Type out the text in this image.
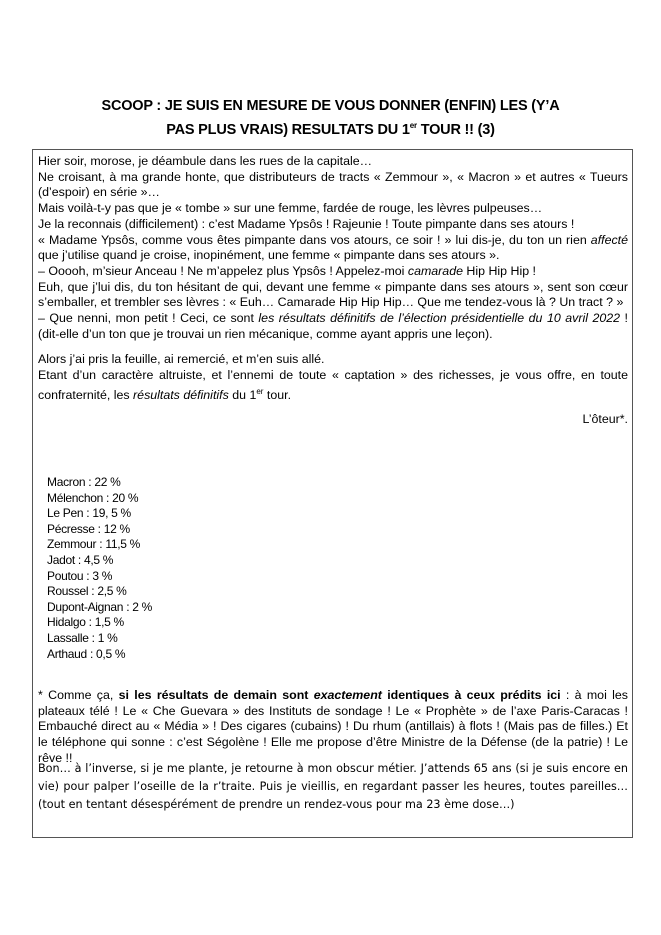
SCOOP : JE SUIS EN MESURE DE VOUS DONNER (ENFIN) LES (Y’A
PAS PLUS VRAIS) RESULTATS DU 1er TOUR !! (3)

Hier soir, morose, je déambule dans les rues de la capitale…

Ne croisant, à ma grande honte, que distributeurs de tracts « Zemmour », « Macron » et autres « Tueurs (d’espoir) en série »…

Mais voilà-t-y pas que je « tombe » sur une femme, fardée de rouge, les lèvres pulpeuses…

Je la reconnais (difficilement) : c’est Madame Ypsôs ! Rajeunie ! Toute pimpante dans ses atours !

« Madame Ypsôs, comme vous êtes pimpante dans vos atours, ce soir ! » lui dis-je, du ton un rien affecté que j’utilise quand je croise, inopinément, une femme « pimpante dans ses atours ».

– Ooooh, m’sieur Anceau ! Ne m’appelez plus Ypsôs ! Appelez-moi camarade Hip Hip Hip !

Euh, que j’lui dis, du ton hésitant de qui, devant une femme « pimpante dans ses atours », sent son cœur s’emballer, et trembler ses lèvres : « Euh… Camarade Hip Hip Hip… Que me tendez-vous là ? Un tract ? »

– Que nenni, mon petit ! Ceci, ce sont les résultats définitifs de l’élection présidentielle du 10 avril 2022 ! (dit-elle d’un ton que je trouvai un rien mécanique, comme ayant appris une leçon).

Alors j’ai pris la feuille, ai remercié, et m’en suis allé.

Etant d’un caractère altruiste, et l’ennemi de toute « captation » des richesses, je vous offre, en toute confraternité, les résultats définitifs du 1er tour.

L’ôteur*.

Macron : 22 %
Mélenchon : 20 %
Le Pen : 19, 5 %
Pécresse : 12 %
Zemmour : 11,5 %
Jadot : 4,5 %
Poutou : 3 %
Roussel : 2,5 %
Dupont-Aignan : 2 %
Hidalgo : 1,5 %
Lassalle : 1 %
Arthaud : 0,5 %
* Comme ça, si les résultats de demain sont exactement identiques à ceux prédits ici : à moi les plateaux télé ! Le « Che Guevara » des Instituts de sondage ! Le « Prophète » de l’axe Paris-Caracas ! Embauché direct au « Média » ! Des cigares (cubains) ! Du rhum (antillais) à flots ! (Mais pas de filles.) Et le téléphone qui sonne : c’est Ségolène ! Elle me propose d’être Ministre de la Défense (de la patrie) ! Le rêve !!
Bon… à l’inverse, si je me plante, je retourne à mon obscur métier. J’attends 65 ans (si je suis encore en vie) pour palper l’oseille de la r’traite. Puis je vieillis, en regardant passer les heures, toutes pareilles… (tout en tentant désespérément de prendre un rendez-vous pour ma 23 ème dose…)
